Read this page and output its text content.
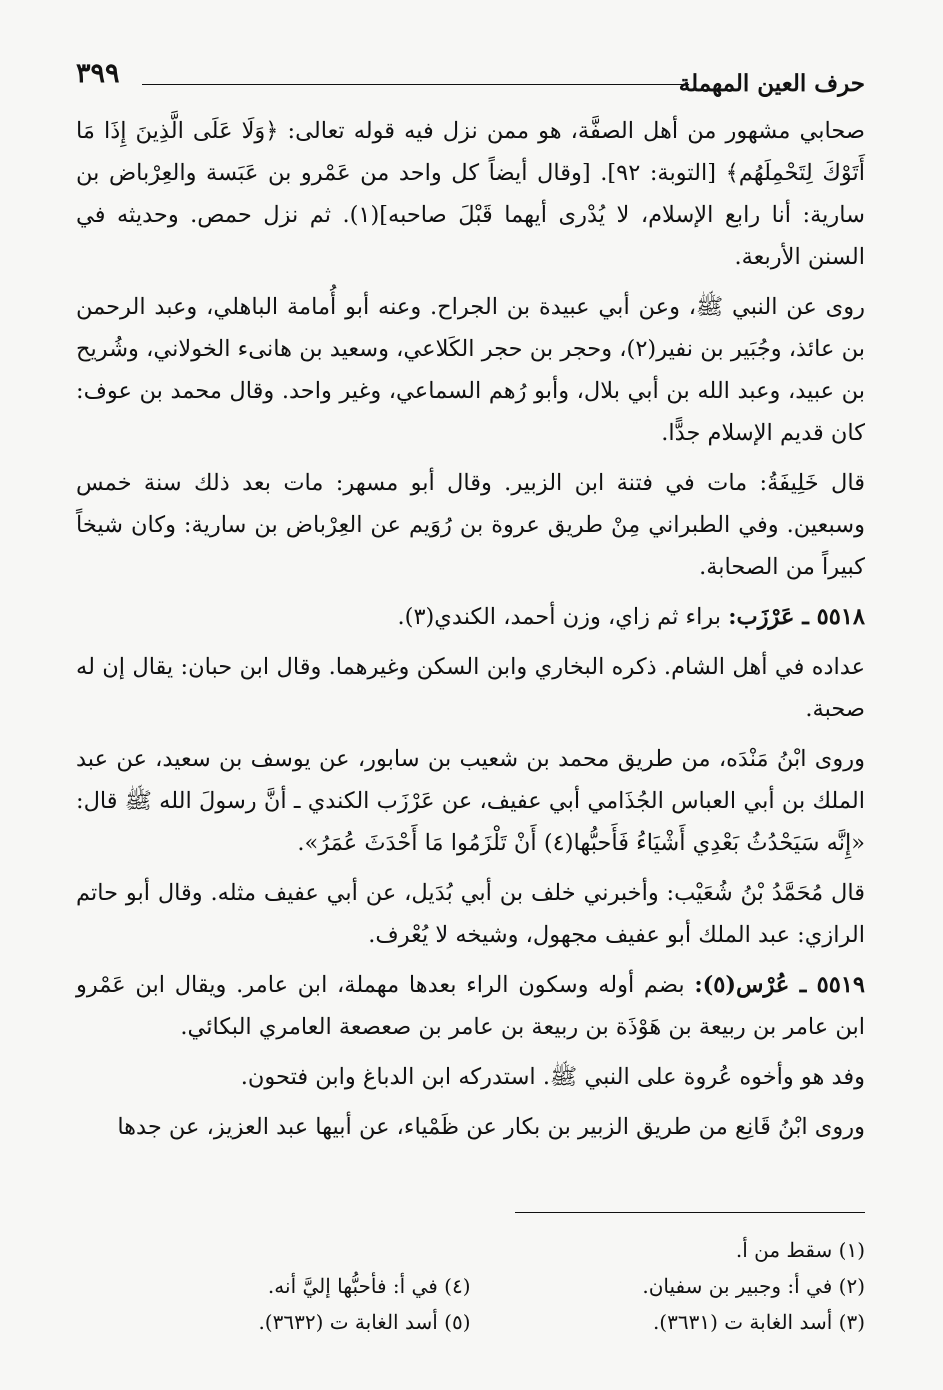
حرف العين المهملة
٣٩٩

صحابي مشهور من أهل الصفَّة، هو ممن نزل فيه قوله تعالى: ﴿وَلَا عَلَى الَّذِينَ إِذَا مَا أَتَوْكَ لِتَحْمِلَهُم﴾ [التوبة: ٩٢]. [وقال أيضاً كل واحد من عَمْرو بن عَبَسة والعِرْباض بن سارية: أنا رابع الإسلام، لا يُدْرى أيهما قَبْلَ صاحبه](١). ثم نزل حمص. وحديثه في السنن الأربعة.

روى عن النبي ﷺ، وعن أبي عبيدة بن الجراح. وعنه أبو أُمامة الباهلي، وعبد الرحمن بن عائذ، وجُبَير بن نفير(٢)، وحجر بن حجر الكَلاعي، وسعيد بن هانىء الخولاني، وشُريح بن عبيد، وعبد الله بن أبي بلال، وأبو رُهم السماعي، وغير واحد. وقال محمد بن عوف: كان قديم الإسلام جدًّا.

قال خَلِيفَةُ: مات في فتنة ابن الزبير. وقال أبو مسهر: مات بعد ذلك سنة خمس وسبعين. وفي الطبراني مِنْ طريق عروة بن رُوَيم عن العِرْباض بن سارية: وكان شيخاً كبيراً من الصحابة.

٥٥١٨ ـ عَرْزَب: براء ثم زاي، وزن أحمد، الكندي(٣).

عداده في أهل الشام. ذكره البخاري وابن السكن وغيرهما. وقال ابن حبان: يقال إن له صحبة.

وروى ابْنُ مَنْدَه، من طريق محمد بن شعيب بن سابور، عن يوسف بن سعيد، عن عبد الملك بن أبي العباس الجُذَامي أبي عفيف، عن عَرْزَب الكندي ـ أنَّ رسولَ الله ﷺ قال: «إِنَّه سَيَحْدُثُ بَعْدِي أَشْيَاءُ فَأَحبُّها(٤) أَنْ تَلْزَمُوا مَا أَحْدَثَ عُمَرُ».

قال مُحَمَّدُ بْنُ شُعَيْب: وأخبرني خلف بن أبي بُدَيل، عن أبي عفيف مثله. وقال أبو حاتم الرازي: عبد الملك أبو عفيف مجهول، وشيخه لا يُعْرف.

٥٥١٩ ـ عُرْس(٥): بضم أوله وسكون الراء بعدها مهملة، ابن عامر. ويقال ابن عَمْرو ابن عامر بن ربيعة بن هَوْذَة بن ربيعة بن عامر بن صعصعة العامري البكائي.

وفد هو وأخوه عُروة على النبي ﷺ. استدركه ابن الدباغ وابن فتحون.

وروى ابْنُ قَانِع من طريق الزبير بن بكار عن ظَمْياء، عن أبيها عبد العزيز، عن جدها

(١) سقط من أ.
(٢) في أ: وجبير بن سفيان.
(٤) في أ: فأحبُّها إليَّ أنه.
(٣) أسد الغابة ت (٣٦٣١).
(٥) أسد الغابة ت (٣٦٣٢).
